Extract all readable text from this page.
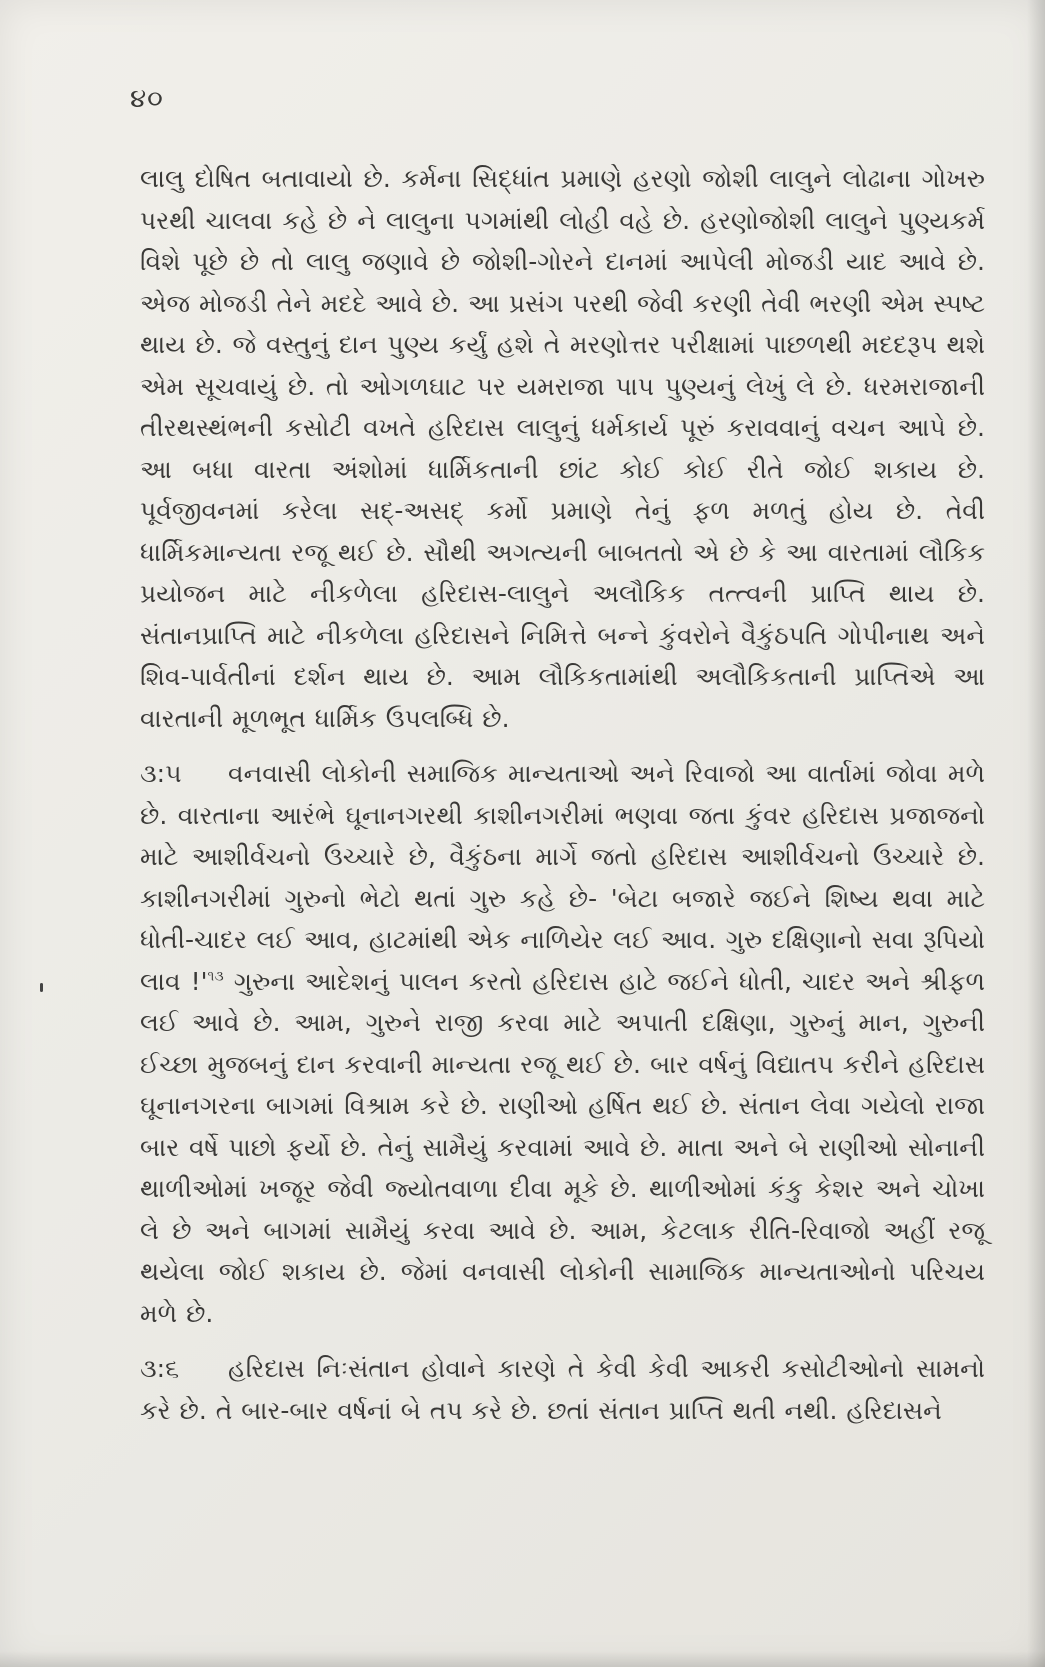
૪૦

લાલુ દોષિત બતાવાયો છે. કર્મના સિદ્ધાંત પ્રમાણે હરણો જોશી લાલુને લોઢાના ગોખરુ પરથી ચાલવા કહે છે ને લાલુના પગમાંથી લોહી વહે છે. હરણોજોશી લાલુને પુણ્યકર્મ વિશે પૂછે છે તો લાલુ જણાવે છે જોશી-ગોરને દાનમાં આપેલી મોજડી યાદ આવે છે. એજ મોજડી તેને મદદે આવે છે. આ પ્રસંગ પરથી જેવી કરણી તેવી ભરણી એમ સ્પષ્ટ થાય છે. જે વસ્તુનું દાન પુણ્ય કર્યું હશે તે મરણોત્તર પરીક્ષામાં પાછળથી મદદરૂપ થશે એમ સૂચવાયું છે. તો ઓગળઘાટ પર યમરાજા પાપ પુણ્યનું લેખું લે છે. ધરમરાજાની તીરથસ્થંભની કસોટી વખતે હરિદાસ લાલુનું ધર્મકાર્ય પૂરું કરાવવાનું વચન આપે છે. આ બધા વારતા અંશોમાં ધાર્મિકતાની છાંટ કોઈ કોઈ રીતે જોઈ શકાય છે. પૂર્વજીવનમાં કરેલા સદ્-અસદ્ કર્મો પ્રમાણે તેનું ફળ મળતું હોય છે. તેવી ધાર્મિકમાન્યતા રજૂ થઈ છે. સૌથી અગત્યની બાબતતો એ છે કે આ વારતામાં લૌકિક પ્રયોજન માટે નીકળેલા હરિદાસ-લાલુને અલૌકિક તત્ત્વની પ્રાપ્તિ થાય છે. સંતાનપ્રાપ્તિ માટે નીકળેલા હરિદાસને નિમિત્તે બન્ને કુંવરોને વૈકુંઠપતિ ગોપીનાથ અને શિવ-પાર્વતીનાં દર્શન થાય છે. આમ લૌકિકતામાંથી અલૌકિકતાની પ્રાપ્તિએ આ વારતાની મૂળભૂત ધાર્મિક ઉપલબ્ધિ છે.

૩:૫ વનવાસી લોકોની સમાજિક માન્યતાઓ અને રિવાજો આ વાર્તામાં જોવા મળે છે. વારતાના આરંભે ઘૂનાનગરથી કાશીનગરીમાં ભણવા જતા કુંવર હરિદાસ પ્રજાજનો માટે આશીર્વચનો ઉચ્ચારે છે, વૈકુંઠના માર્ગે જતો હરિદાસ આશીર્વચનો ઉચ્ચારે છે. કાશીનગરીમાં ગુરુનો ભેટો થતાં ગુરુ કહે છે- 'બેટા બજારે જઈને શિષ્ય થવા માટે ધોતી-ચાદર લઈ આવ, હાટમાંથી એક નાળિયેર લઈ આવ. ગુરુ દક્ષિણાનો સવા રૂપિયો લાવ !'$^{૧૩}$ ગુરુના આદેશનું પાલન કરતો હરિદાસ હાટે જઈને ધોતી, ચાદર અને શ્રીફળ લઈ આવે છે. આમ, ગુરુને રાજી કરવા માટે અપાતી દક્ષિણા, ગુરુનું માન, ગુરુની ઈચ્છા મુજબનું દાન કરવાની માન્યતા રજૂ થઈ છે. બાર વર્ષનું વિદ્યાતપ કરીને હરિદાસ ઘૂનાનગરના બાગમાં વિશ્રામ કરે છે. રાણીઓ હર્ષિત થઈ છે. સંતાન લેવા ગયેલો રાજા બાર વર્ષે પાછો ફર્યો છે. તેનું સામૈયું કરવામાં આવે છે. માતા અને બે રાણીઓ સોનાની થાળીઓમાં ખજૂર જેવી જ્યોતવાળા દીવા મૂકે છે. થાળીઓમાં કંકુ કેશર અને ચોખા લે છે અને બાગમાં સામૈયું કરવા આવે છે. આમ, કેટલાક રીતિ-રિવાજો અહીં રજૂ થયેલા જોઈ શકાય છે. જેમાં વનવાસી લોકોની સામાજિક માન્યતાઓનો પરિચય મળે છે.

૩:૬ હરિદાસ નિઃસંતાન હોવાને કારણે તે કેવી કેવી આકરી કસોટીઓનો સામનો કરે છે. તે બાર-બાર વર્ષનાં બે તપ કરે છે. છતાં સંતાન પ્રાપ્તિ થતી નથી. હરિદાસને
